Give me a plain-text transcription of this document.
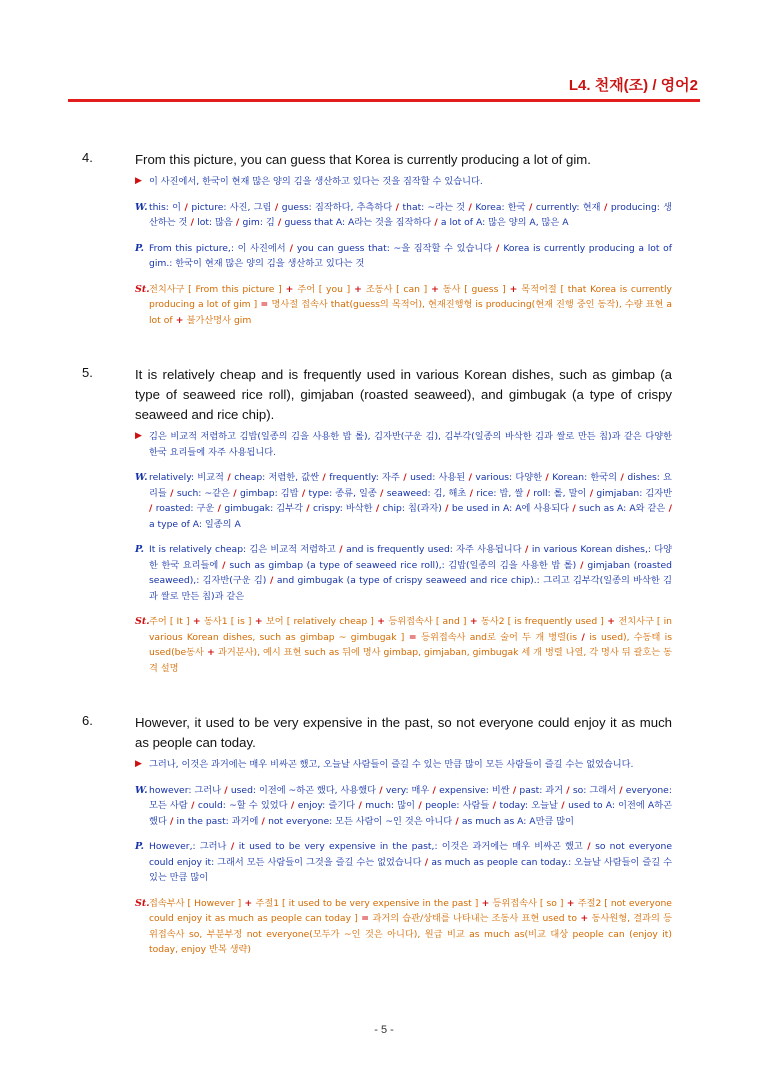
L4. 천재(조) / 영어2
4.	From this picture, you can guess that Korea is currently producing a lot of gim.
▶ 이 사진에서, 한국이 현재 많은 양의 김을 생산하고 있다는 것을 짐작할 수 있습니다.
W. this: 이 / picture: 사진, 그림 / guess: 짐작하다, 추측하다 / that: ~라는 것 / Korea: 한국 / currently: 현재 / producing: 생산하는 것 / lot: 많음 / gim: 김 / guess that A: A라는 것을 짐작하다 / a lot of A: 많은 양의 A, 많은 A
P. From this picture,: 이 사진에서 / you can guess that: ~을 짐작할 수 있습니다 / Korea is currently producing a lot of gim.: 한국이 현재 많은 양의 김을 생산하고 있다는 것
St. 전치사구 [ From this picture ] + 주어 [ you ] + 조동사 [ can ] + 동사 [ guess ] + 목적어절 [ that Korea is currently producing a lot of gim ] = 명사절 접속사 that(guess의 목적어), 현재진행형 is producing(현재 진행 중인 동작), 수량 표현 a lot of + 불가산명사 gim
5.	It is relatively cheap and is frequently used in various Korean dishes, such as gimbap (a type of seaweed rice roll), gimjaban (roasted seaweed), and gimbugak (a type of crispy seaweed and rice chip).
▶ 김은 비교적 저렴하고 김밥(일종의 김을 사용한 밥 롤), 김자반(구운 김), 김부각(일종의 바삭한 김과 쌀로 만든 칩)과 같은 다양한 한국 요리들에 자주 사용됩니다.
W. relatively: 비교적 / cheap: 저렴한, 값싼 / frequently: 자주 / used: 사용된 / various: 다양한 / Korean: 한국의 / dishes: 요리들 / such: ~같은 / gimbap: 김밥 / type: 종류, 일종 / seaweed: 김, 해초 / rice: 밥, 쌀 / roll: 롤, 말이 / gimjaban: 김자반 / roasted: 구운 / gimbugak: 김부각 / crispy: 바삭한 / chip: 칩(과자) / be used in A: A에 사용되다 / such as A: A와 같은 / a type of A: 일종의 A
P. It is relatively cheap: 김은 비교적 저렴하고 / and is frequently used: 자주 사용됩니다 / in various Korean dishes,: 다양한 한국 요리들에 / such as gimbap (a type of seaweed rice roll),: 김밥(일종의 김을 사용한 밥 롤) / gimjaban (roasted seaweed),: 김자반(구운 김) / and gimbugak (a type of crispy seaweed and rice chip).: 그리고 김부각(일종의 바삭한 김과 쌀로 만든 칩)과 같은
St. 주어 [ It ] + 동사1 [ is ] + 보어 [ relatively cheap ] + 등위접속사 [ and ] + 동사2 [ is frequently used ] + 전치사구 [ in various Korean dishes, such as gimbap ~ gimbugak ] = 등위접속사 and로 술어 두 개 병렬(is / is used), 수동태 is used(be동사 + 과거분사), 예시 표현 such as 뒤에 명사 gimbap, gimjaban, gimbugak 세 개 병렬 나열, 각 명사 뒤 괄호는 동격 설명
6.	However, it used to be very expensive in the past, so not everyone could enjoy it as much as people can today.
▶ 그러나, 이것은 과거에는 매우 비싸곤 했고, 오늘날 사람들이 즐길 수 있는 만큼 많이 모든 사람들이 즐길 수는 없었습니다.
W. however: 그러나 / used: 이전에 ~하곤 했다, 사용했다 / very: 매우 / expensive: 비싼 / past: 과거 / so: 그래서 / everyone: 모든 사람 / could: ~할 수 있었다 / enjoy: 즐기다 / much: 많이 / people: 사람들 / today: 오늘날 / used to A: 이전에 A하곤 했다 / in the past: 과거에 / not everyone: 모든 사람이 ~인 것은 아니다 / as much as A: A만큼 많이
P. However,: 그러나 / it used to be very expensive in the past,: 이것은 과거에는 매우 비싸곤 했고 / so not everyone could enjoy it: 그래서 모든 사람들이 그것을 즐길 수는 없었습니다 / as much as people can today.: 오늘날 사람들이 즐길 수 있는 만큼 많이
St. 접속부사 [ However ] + 주절1 [ it used to be very expensive in the past ] + 등위접속사 [ so ] + 주절2 [ not everyone could enjoy it as much as people can today ] = 과거의 습관/상태를 나타내는 조동사 표현 used to + 동사원형, 결과의 등위접속사 so, 부분부정 not everyone(모두가 ~인 것은 아니다), 원급 비교 as much as(비교 대상 people can (enjoy it) today, enjoy 반복 생략)
- 5 -
